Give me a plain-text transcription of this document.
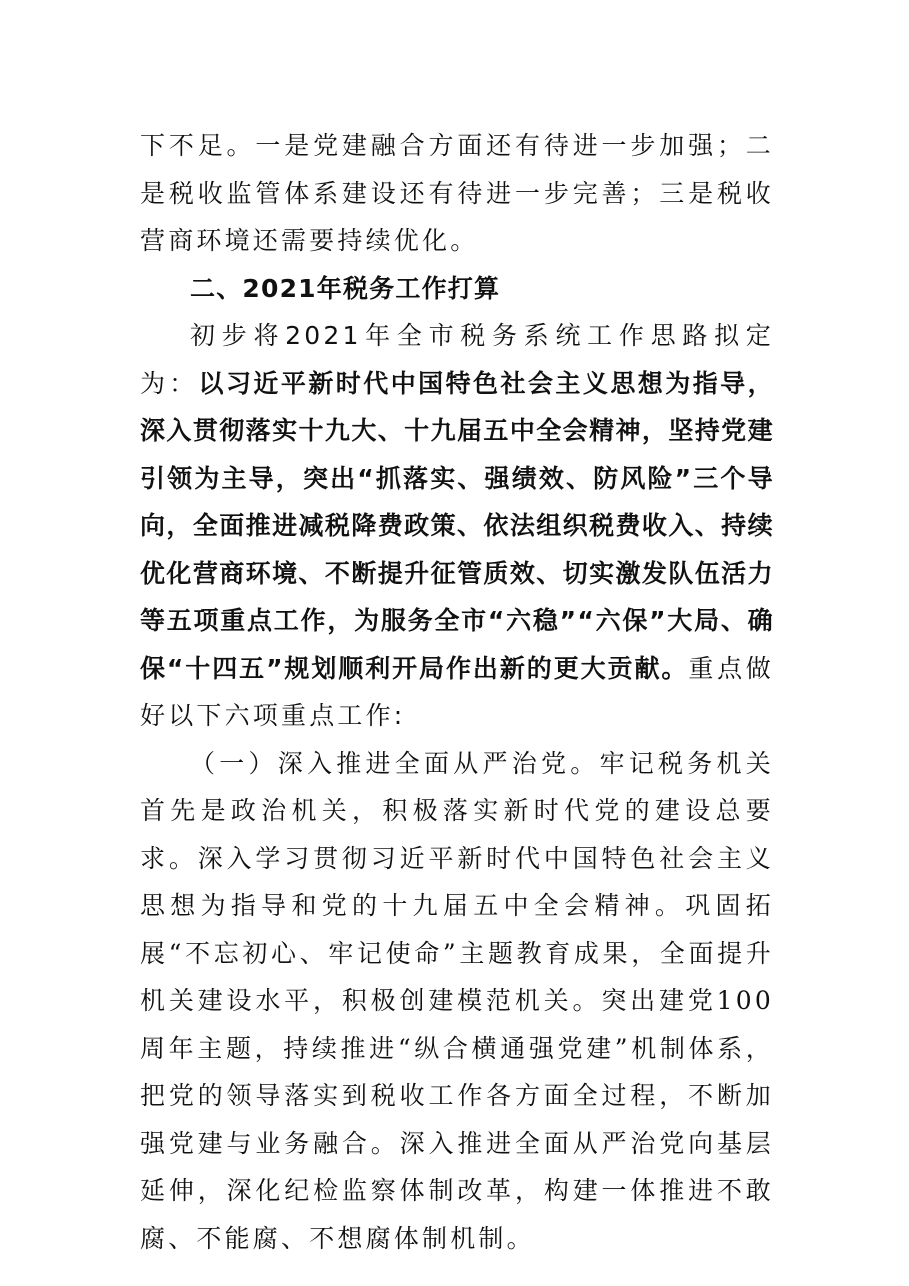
下不足。一是党建融合方面还有待进一步加强；二是税收监管体系建设还有待进一步完善；三是税收营商环境还需要持续优化。

二、2021年税务工作打算

初步将2021年全市税务系统工作思路拟定为：以习近平新时代中国特色社会主义思想为指导，深入贯彻落实十九大、十九届五中全会精神，坚持党建引领为主导，突出“抓落实、强绩效、防风险”三个导向，全面推进减税降费政策、依法组织税费收入、持续优化营商环境、不断提升征管质效、切实激发队伍活力等五项重点工作，为服务全市“六稳”“六保”大局、确保“十四五”规划顺利开局作出新的更大贡献。重点做好以下六项重点工作:

（一）深入推进全面从严治党。牢记税务机关首先是政治机关，积极落实新时代党的建设总要求。深入学习贯彻习近平新时代中国特色社会主义思想为指导和党的十九届五中全会精神。巩固拓展“不忘初心、牢记使命”主题教育成果，全面提升机关建设水平，积极创建模范机关。突出建党100周年主题，持续推进“纵合横通强党建”机制体系，把党的领导落实到税收工作各方面全过程，不断加强党建与业务融合。深入推进全面从严治党向基层延伸，深化纪检监察体制改革，构建一体推进不敢腐、不能腐、不想腐体制机制。
